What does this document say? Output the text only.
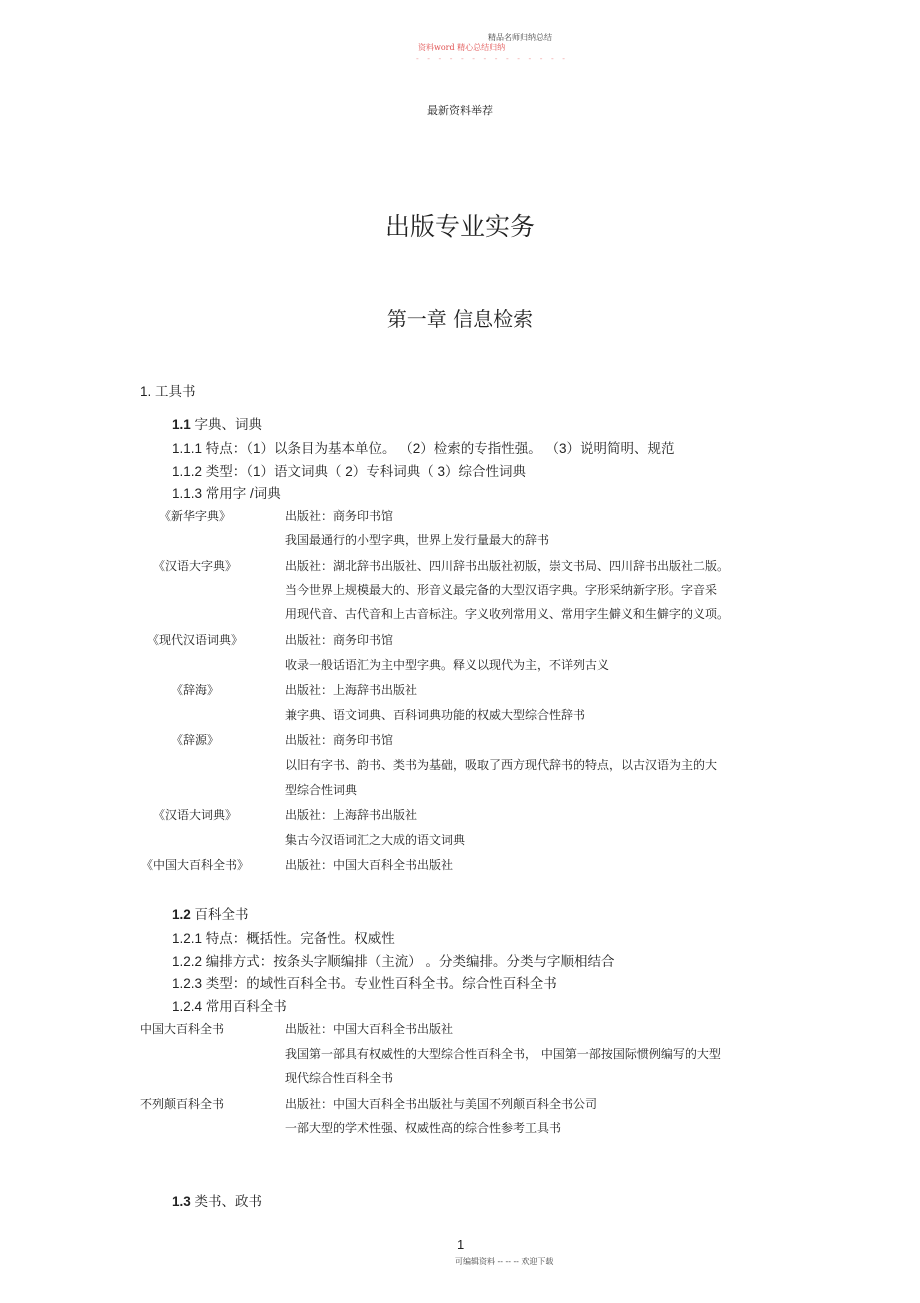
精品名师归纳总结
资料word 精心总结归纳
- - - - - - - - - - - - - -
最新资料举荐
出版专业实务
第一章 信息检索
1. 工具书
1.1 字典、词典
1.1.1 特点：（1）以条目为基本单位。 （2）检索的专指性强。 （3）说明简明、规范
1.1.2 类型：（1）语文词典（ 2）专科词典（ 3）综合性词典
1.1.3 常用字 /词典
《新华字典》	出版社：商务印书馆
我国最通行的小型字典，世界上发行量最大的辞书
《汉语大字典》	出版社：湖北辞书出版社、四川辞书出版社初版，崇文书局、四川辞书出版社二版。
当今世界上规模最大的、形音义最完备的大型汉语字典。字形采纳新字形。字音采
用现代音、古代音和上古音标注。字义收列常用义、常用字生僻义和生僻字的义项。
《现代汉语词典》	出版社：商务印书馆
收录一般话语汇为主中型字典。释义以现代为主，不详列古义
《辞海》	出版社：上海辞书出版社
兼字典、语文词典、百科词典功能的权威大型综合性辞书
《辞源》	出版社：商务印书馆
以旧有字书、韵书、类书为基础，吸取了西方现代辞书的特点，以古汉语为主的大
型综合性词典
《汉语大词典》	出版社：上海辞书出版社
集古今汉语词汇之大成的语文词典
《中国大百科全书》	出版社：中国大百科全书出版社
1.2 百科全书
1.2.1 特点：概括性。完备性。权威性
1.2.2 编排方式：按条头字顺编排（主流） 。分类编排。分类与字顺相结合
1.2.3 类型：的域性百科全书。专业性百科全书。综合性百科全书
1.2.4 常用百科全书
中国大百科全书	出版社：中国大百科全书出版社
我国第一部具有权威性的大型综合性百科全书， 中国第一部按国际惯例编写的大型
现代综合性百科全书
不列颠百科全书	出版社：中国大百科全书出版社与美国不列颠百科全书公司
一部大型的学术性强、权威性高的综合性参考工具书
1.3 类书、政书
1
可编辑资料 -- -- -- 欢迎下载
